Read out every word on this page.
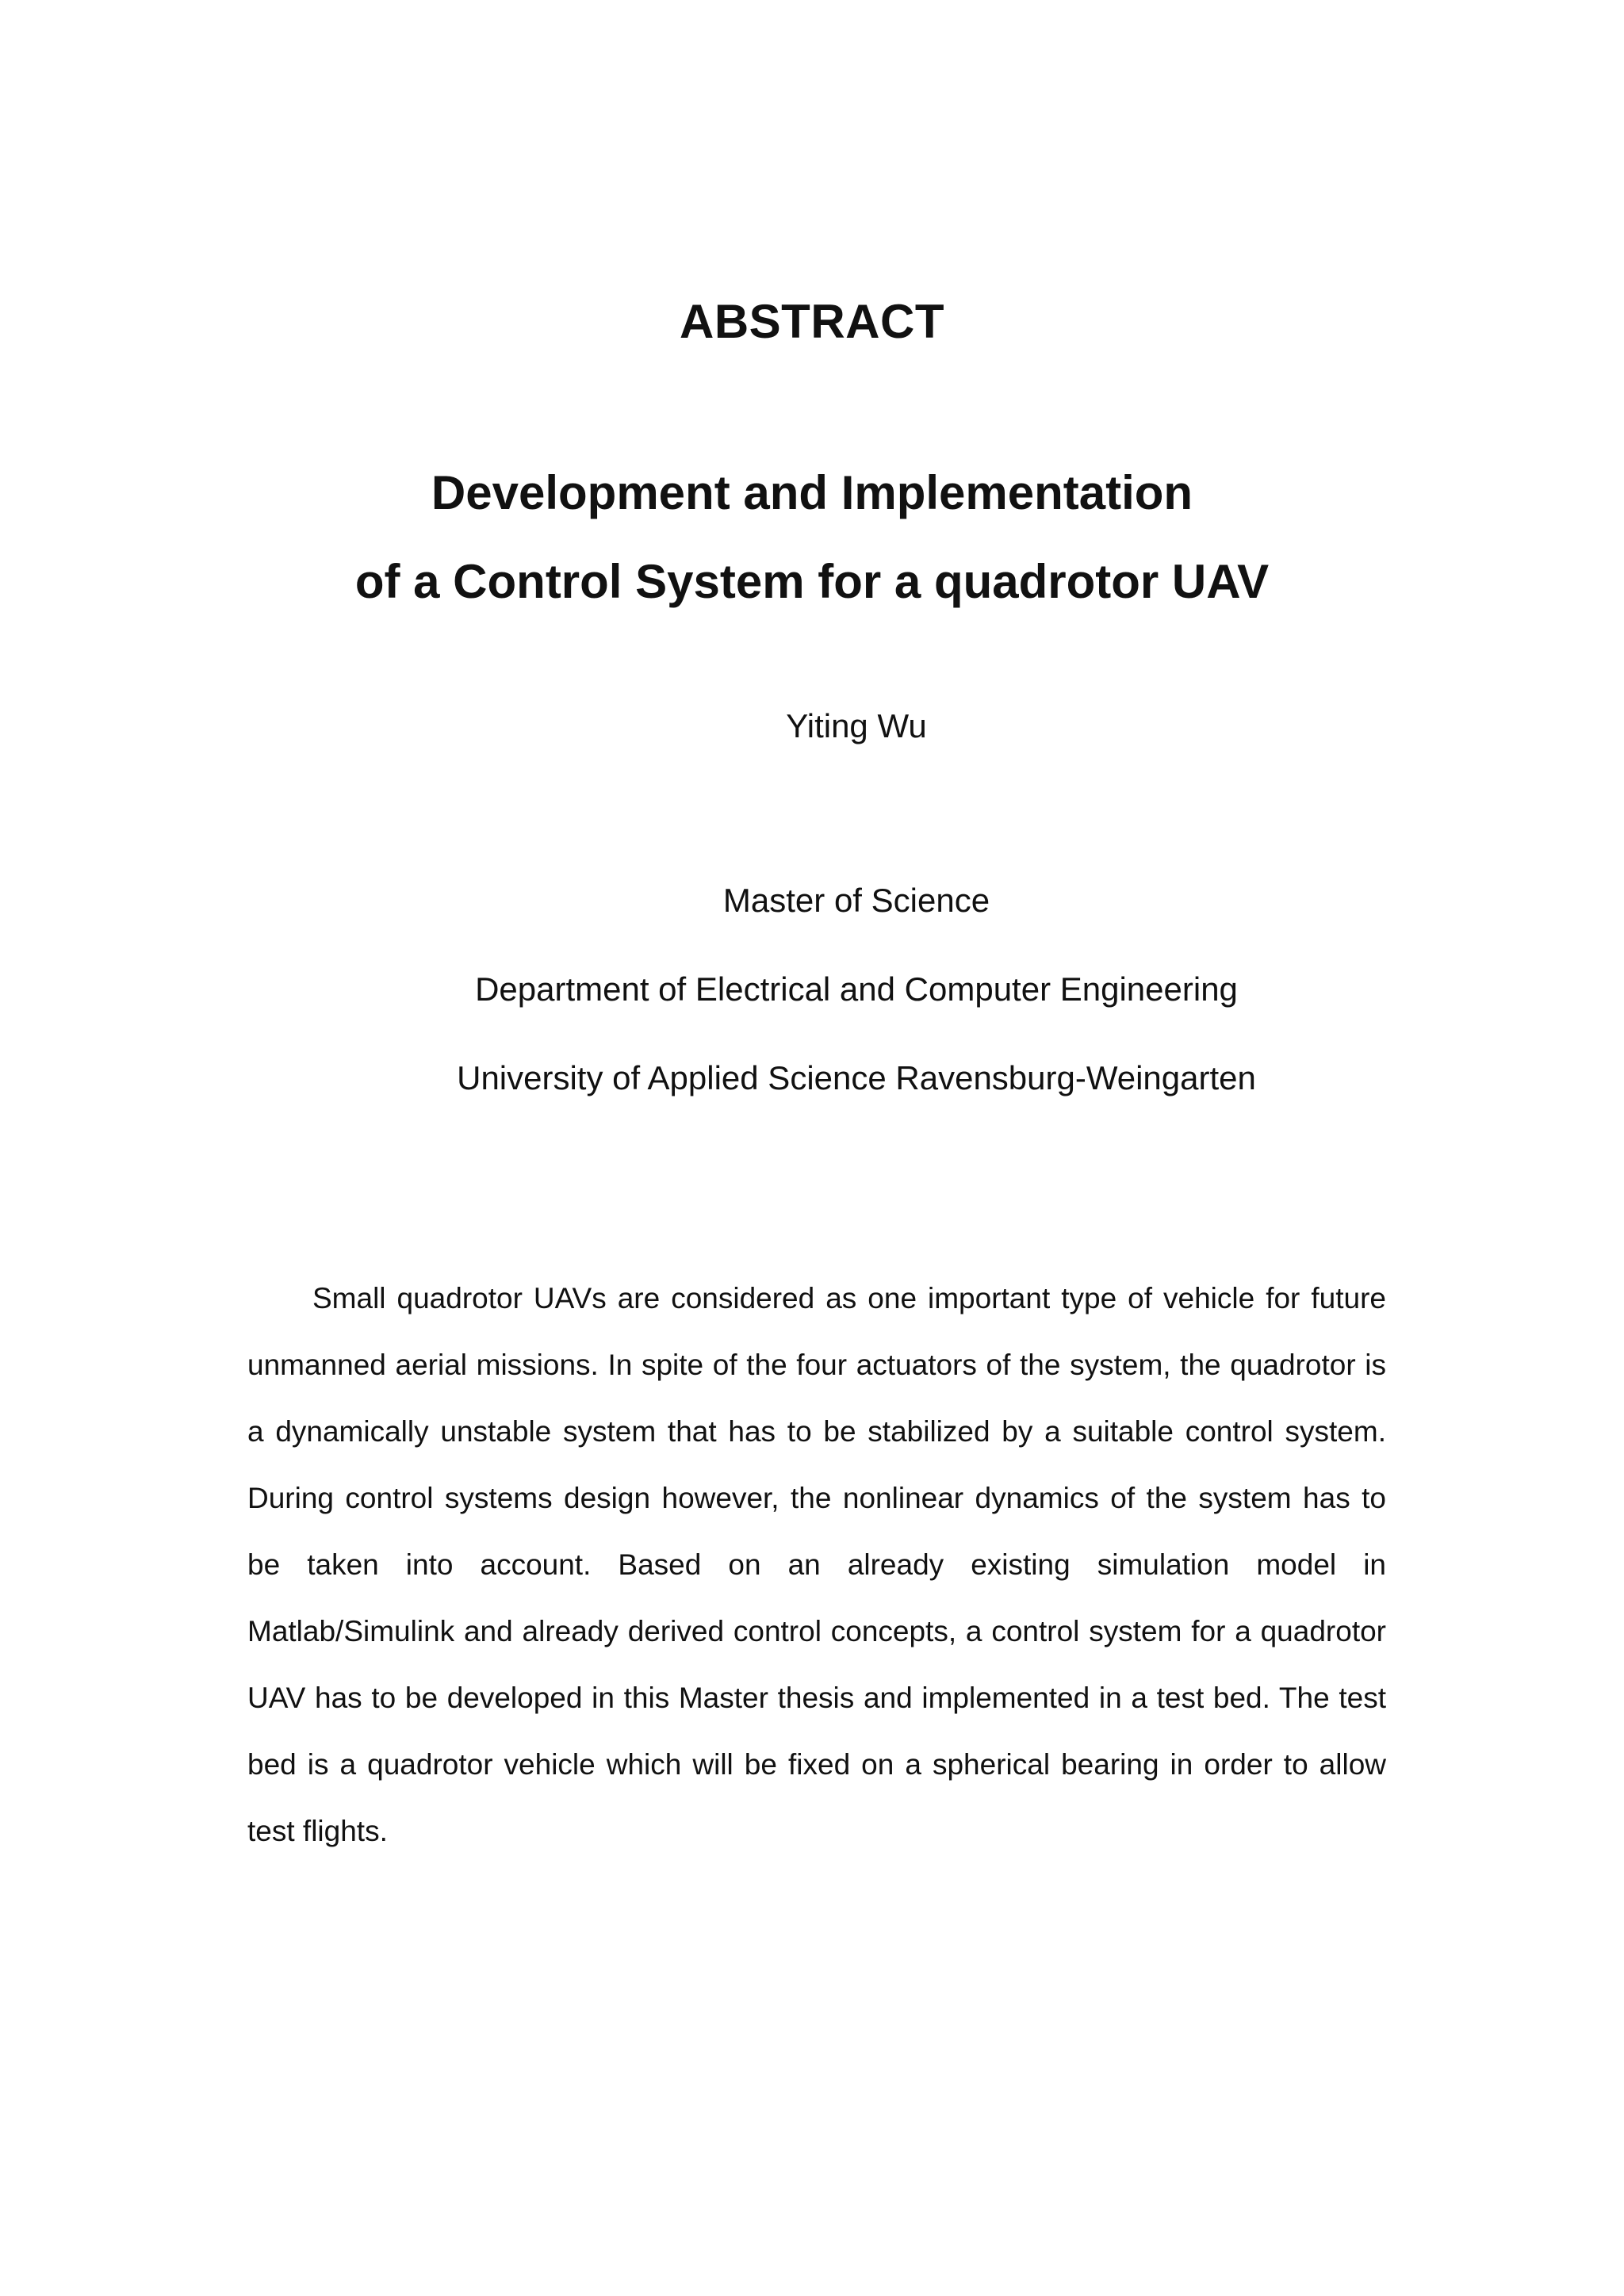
ABSTRACT
Development and Implementation
of a Control System for a quadrotor UAV
Yiting Wu
Master of Science
Department of Electrical and Computer Engineering
University of Applied Science Ravensburg-Weingarten

Small quadrotor UAVs are considered as one important type of vehicle for future unmanned aerial missions. In spite of the four actuators of the system, the quadrotor is a dynamically unstable system that has to be stabilized by a suitable control system. During control systems design however, the nonlinear dynamics of the system has to be taken into account. Based on an already existing simulation model in Matlab/Simulink and already derived control concepts, a control system for a quadrotor UAV has to be developed in this Master thesis and implemented in a test bed. The test bed is a quadrotor vehicle which will be fixed on a spherical bearing in order to allow test flights.
